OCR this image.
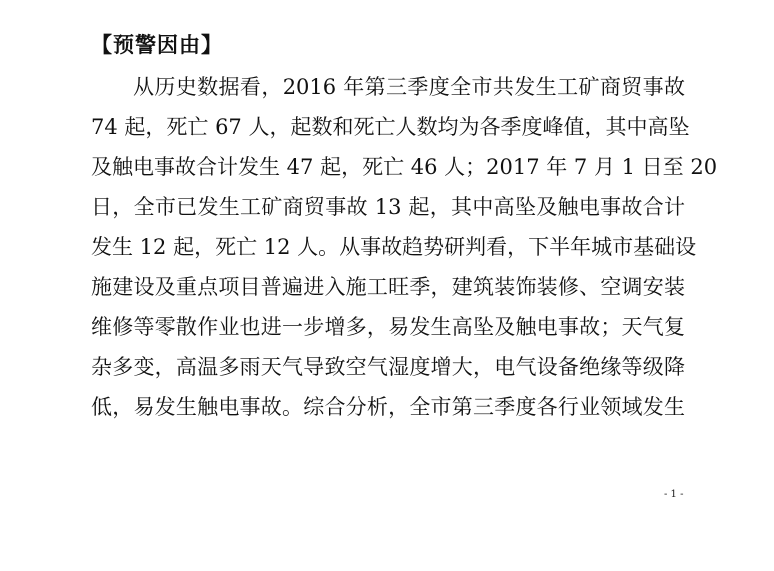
【预警因由】
从历史数据看，2016 年第三季度全市共发生工矿商贸事故
74 起，死亡 67 人，起数和死亡人数均为各季度峰值，其中高坠
及触电事故合计发生 47 起，死亡 46 人；2017 年 7 月 1 日至 20
日，全市已发生工矿商贸事故 13 起，其中高坠及触电事故合计
发生 12 起，死亡 12 人。从事故趋势研判看，下半年城市基础设
施建设及重点项目普遍进入施工旺季，建筑装饰装修、空调安装
维修等零散作业也进一步增多，易发生高坠及触电事故；天气复
杂多变，高温多雨天气导致空气湿度增大，电气设备绝缘等级降
低，易发生触电事故。综合分析，全市第三季度各行业领域发生
- 1 -
